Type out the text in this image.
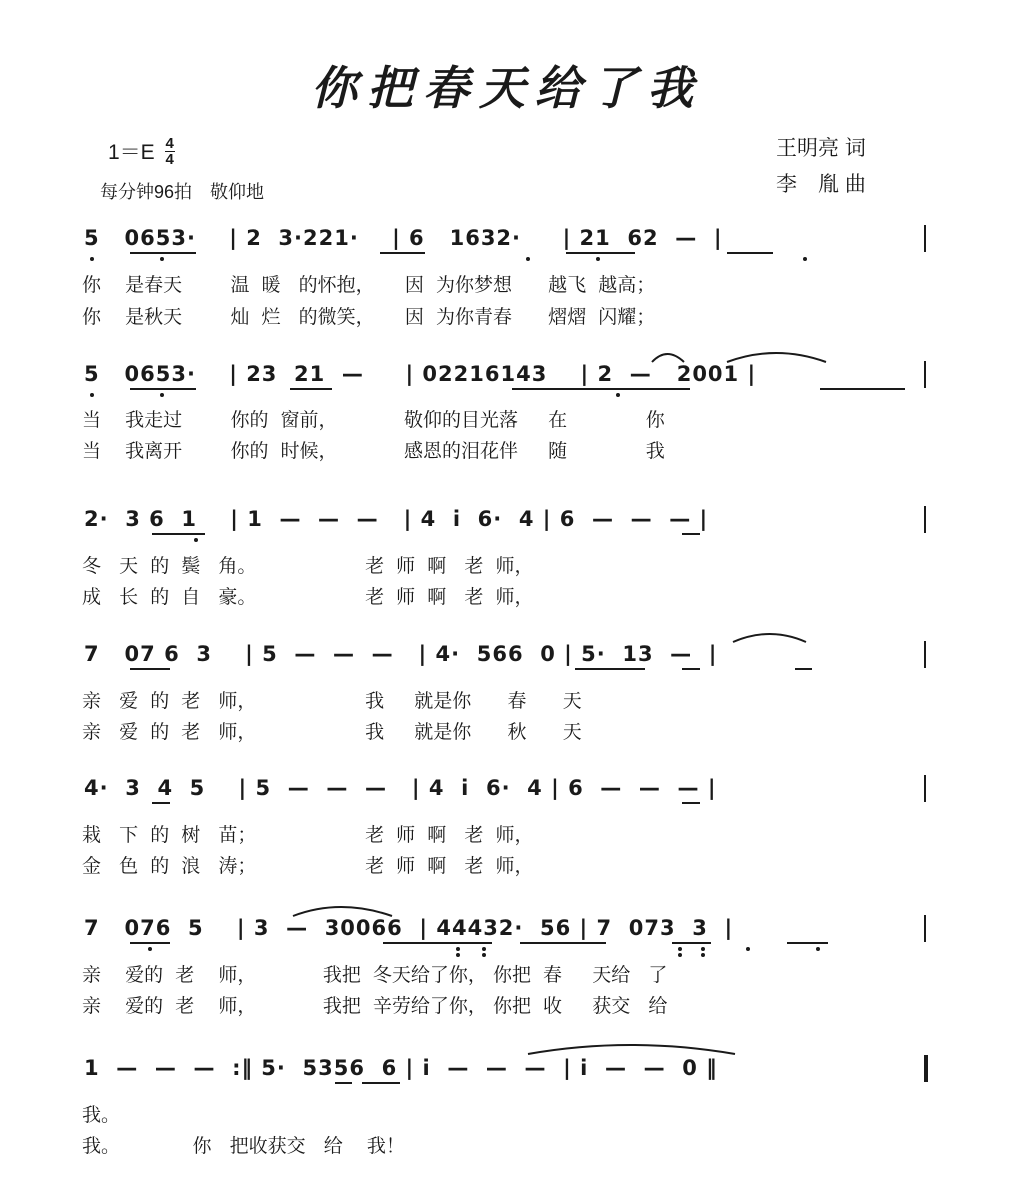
你把春天给了我
$1=E \frac{4}{4}$
每分钟96拍　敬仰地
王明亮 词
李　胤 曲
5   0653·    | 2  3·221·    | 6   1632·     | 21  62  —  |
你    是春天        温  暖   的怀抱，     因  为你梦想      越飞  越高；
你    是秋天        灿  烂   的微笑，     因  为你青春      熠熠  闪耀；
5   0653·    | 23  21  —     | 02216143    | 2  —   2001 |
当    我走过        你的  窗前，           敬仰的目光落     在             你
当    我离开        你的  时候，           感恩的泪花伴     随             我
2·  3 6  1    | 1  —  —  —   | 4  i  6·  4 | 6  —  —  — |
冬   天  的  鬓   角。                  老  师  啊   老  师，
成   长  的  自   豪。                  老  师  啊   老  师，
7   07 6  3    | 5  —  —  —   | 4·  566  0 | 5·  13  —  |
亲   爱  的  老   师，                  我     就是你      春      天
亲   爱  的  老   师，                  我     就是你      秋      天
4·  3  4  5    | 5  —  —  —   | 4  i  6·  4 | 6  —  —  — |
栽   下  的  树   苗；                  老  师  啊   老  师，
金   色  的  浪   涛；                  老  师  啊   老  师，
7   076  5    | 3  —  30066  | 44432·  56 | 7  073  3  |
亲    爱的  老    师，           我把  冬天给了你， 你把  春     天给   了
亲    爱的  老    师，           我把  辛劳给了你， 你把  收     获交   给
1  —  —  —  :‖ 5·  5356  6 | i  —  —  —  | i  —  —  0 ‖
我。
我。            你   把收获交   给    我！
